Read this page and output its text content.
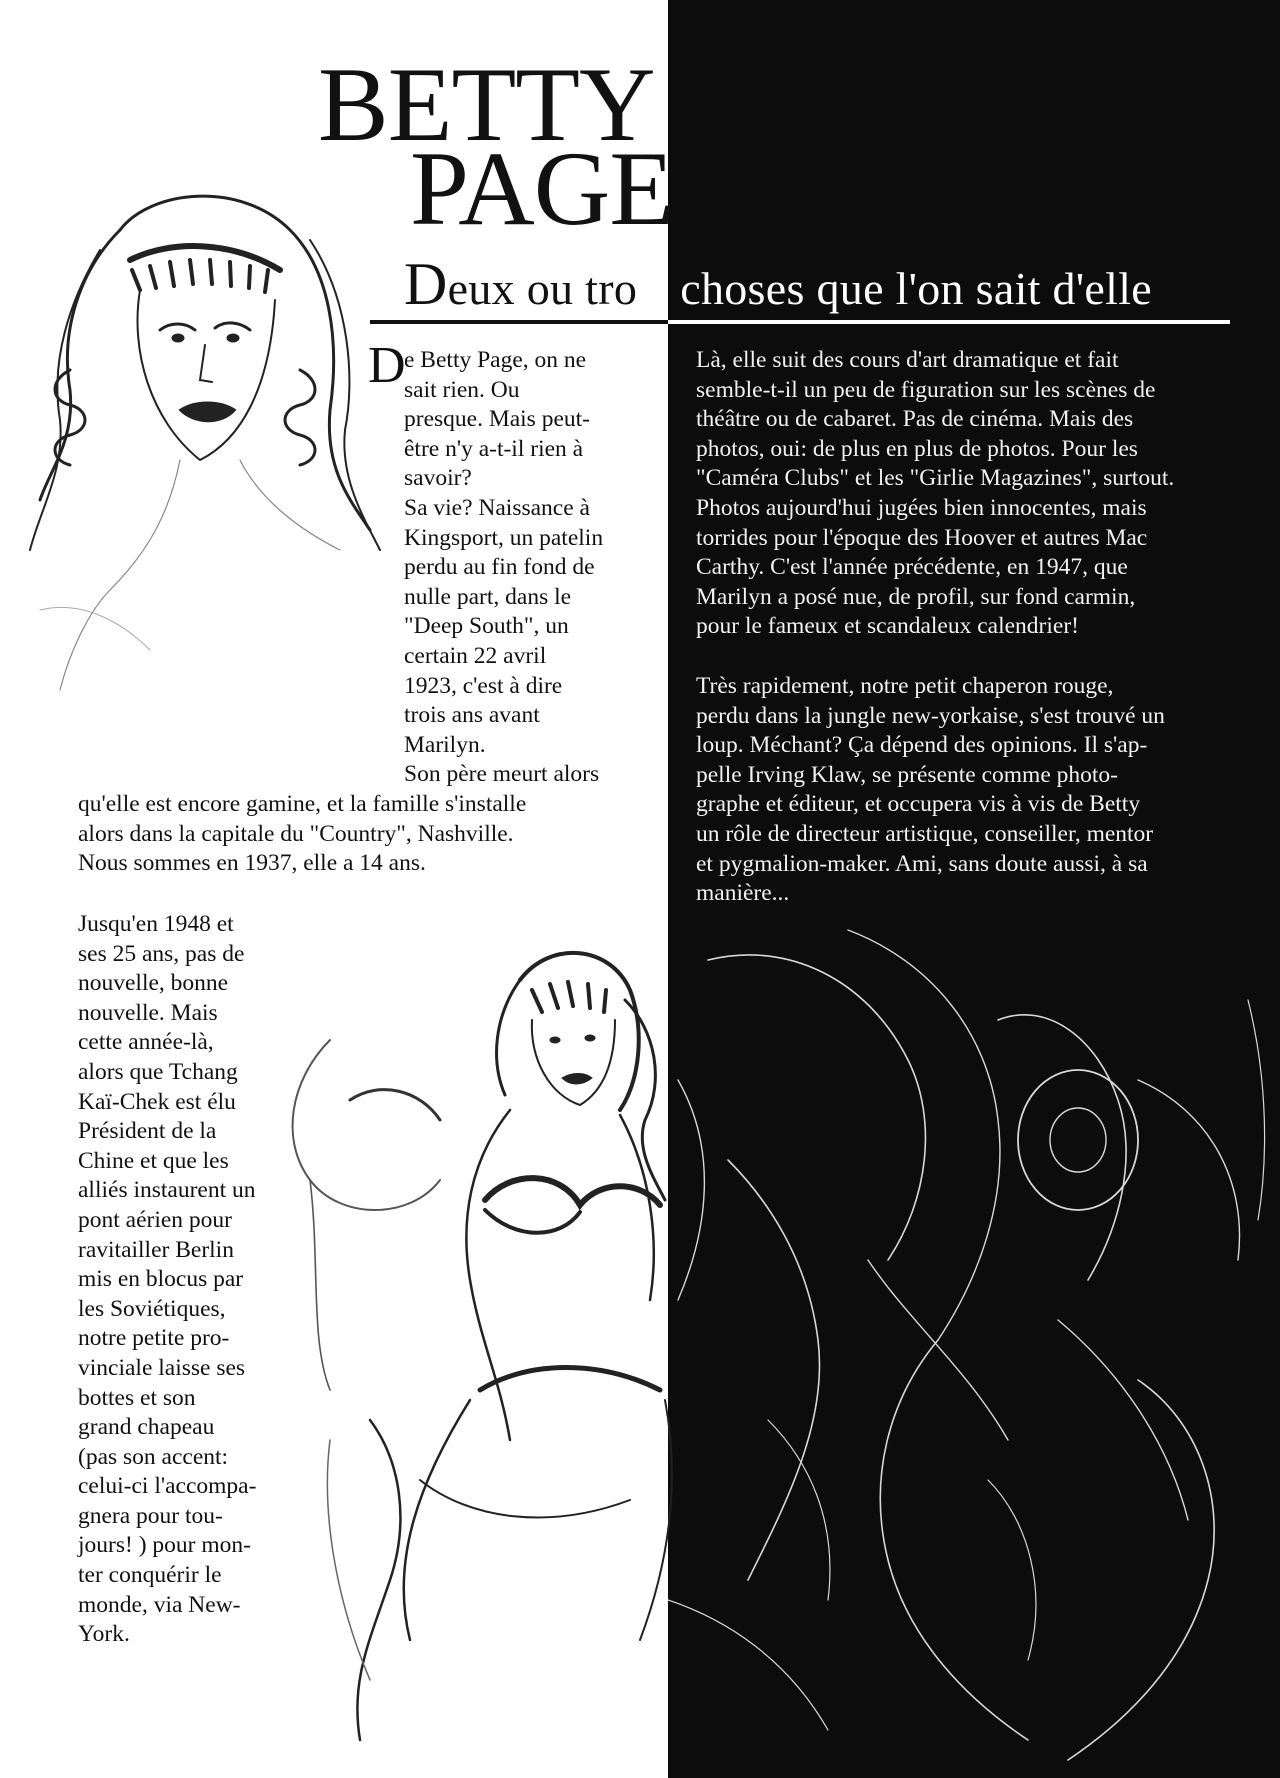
BETTY
PAGE
Deux ou trois choses que l'on sait d'elle
D
e Betty Page, on ne
sait rien. Ou
presque. Mais peut-
être n'y a-t-il rien à
savoir?
Sa vie? Naissance à
Kingsport, un patelin
perdu au fin fond de
nulle part, dans le
"Deep South", un
certain 22 avril
1923, c'est à dire
trois ans avant
Marilyn.
Son père meurt alors
qu'elle est encore gamine, et la famille s'installe
alors dans la capitale du "Country", Nashville.
Nous sommes en 1937, elle a 14 ans.
Jusqu'en 1948 et
ses 25 ans, pas de
nouvelle, bonne
nouvelle. Mais
cette année-là,
alors que Tchang
Kaï-Chek est élu
Président de la
Chine et que les
alliés instaurent un
pont aérien pour
ravitailler Berlin
mis en blocus par
les Soviétiques,
notre petite pro-
vinciale laisse ses
bottes et son
grand chapeau
(pas son accent:
celui-ci l'accompa-
gnera pour tou-
jours! ) pour mon-
ter conquérir le
monde, via New-
York.
Là, elle suit des cours d'art dramatique et fait
semble-t-il un peu de figuration sur les scènes de
théâtre ou de cabaret. Pas de cinéma. Mais des
photos, oui: de plus en plus de photos. Pour les
"Caméra Clubs" et les "Girlie Magazines", surtout.
Photos aujourd'hui jugées bien innocentes, mais
torrides pour l'époque des Hoover et autres Mac
Carthy. C'est l'année précédente, en 1947, que
Marilyn a posé nue, de profil, sur fond carmin,
pour le fameux et scandaleux calendrier!
Très rapidement, notre petit chaperon rouge,
perdu dans la jungle new-yorkaise, s'est trouvé un
loup. Méchant? Ça dépend des opinions. Il s'ap-
pelle Irving Klaw, se présente comme photo-
graphe et éditeur, et occupera vis à vis de Betty
un rôle de directeur artistique, conseiller, mentor
et pygmalion-maker. Ami, sans doute aussi, à sa
manière...
